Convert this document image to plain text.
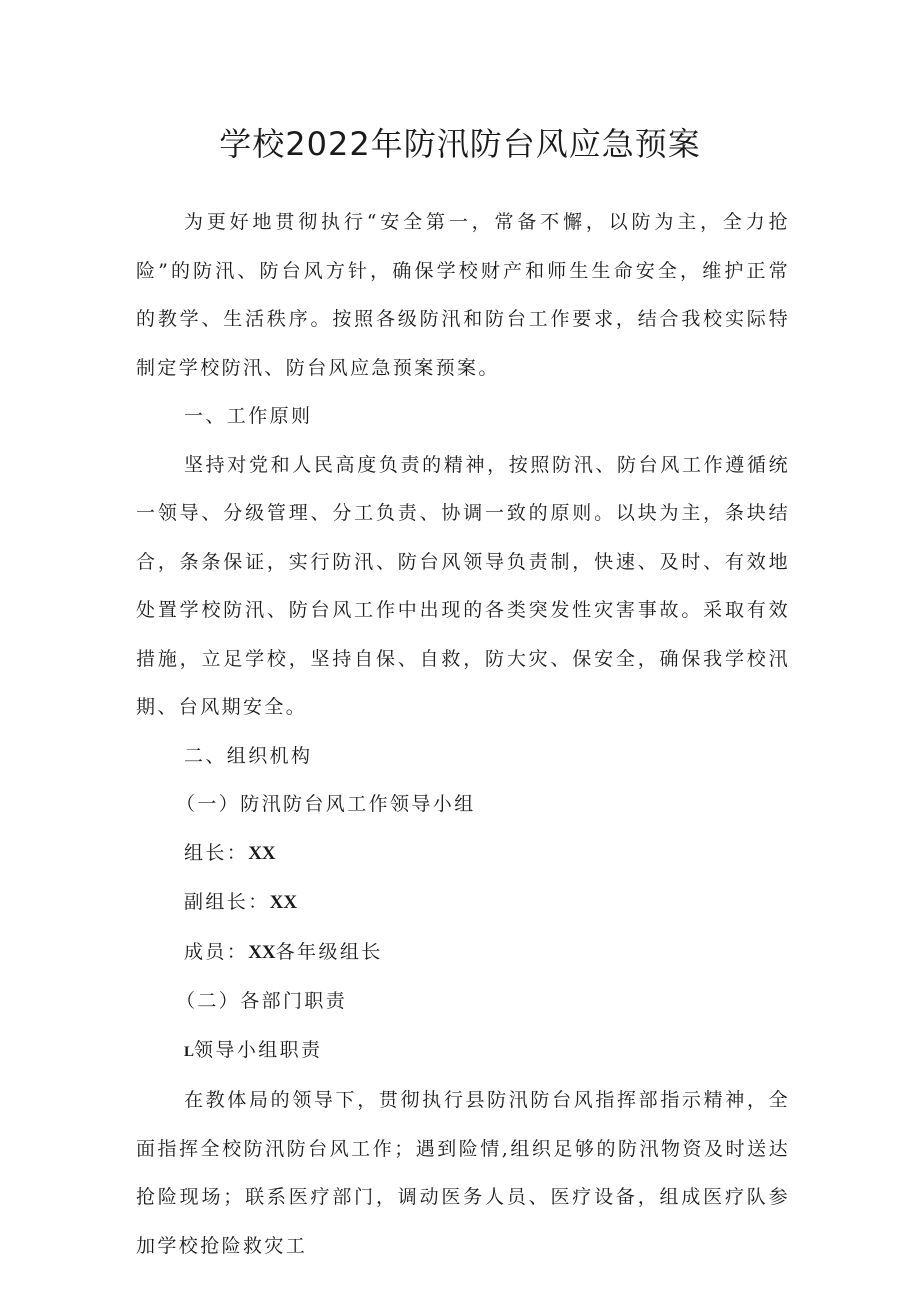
学校2022年防汛防台风应急预案

为更好地贯彻执行“安全第一，常备不懈，以防为主，全力抢险”的防汛、防台风方针，确保学校财产和师生生命安全，维护正常的教学、生活秩序。按照各级防汛和防台工作要求，结合我校实际特制定学校防汛、防台风应急预案预案。

一、工作原则

坚持对党和人民高度负责的精神，按照防汛、防台风工作遵循统一领导、分级管理、分工负责、协调一致的原则。以块为主，条块结合，条条保证，实行防汛、防台风领导负责制，快速、及时、有效地处置学校防汛、防台风工作中出现的各类突发性灾害事故。采取有效措施，立足学校，坚持自保、自救，防大灾、保安全，确保我学校汛期、台风期安全。

二、组织机构

（一）防汛防台风工作领导小组

组长：XX

副组长：XX

成员：XX各年级组长

（二）各部门职责

L领导小组职责

在教体局的领导下，贯彻执行县防汛防台风指挥部指示精神，全面指挥全校防汛防台风工作；遇到险情,组织足够的防汛物资及时送达抢险现场；联系医疗部门，调动医务人员、医疗设备，组成医疗队参加学校抢险救灾工
